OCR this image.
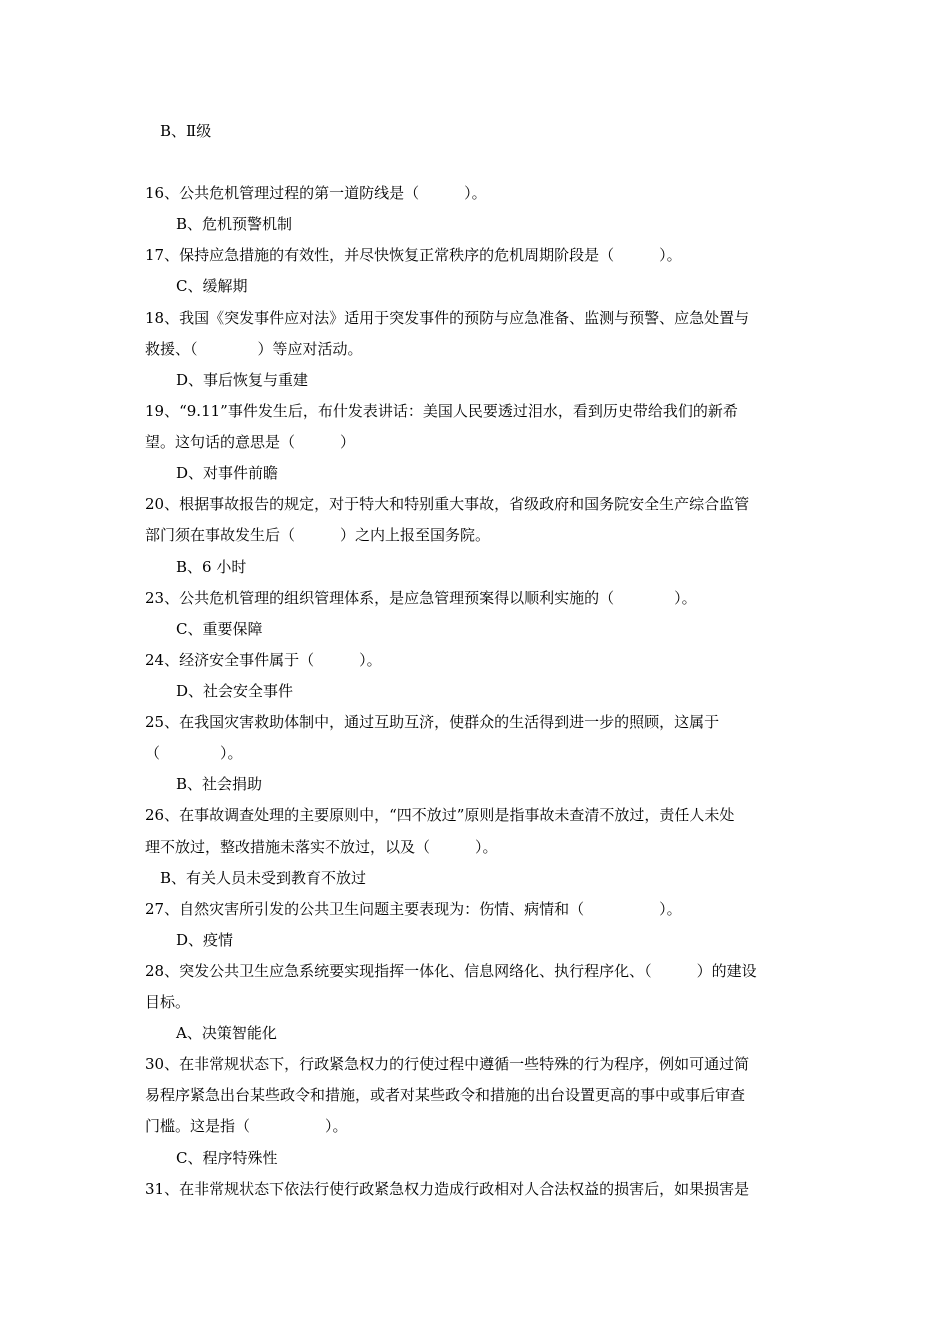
B、Ⅱ级
16、公共危机管理过程的第一道防线是（　　　）。
B、危机预警机制
17、保持应急措施的有效性，并尽快恢复正常秩序的危机周期阶段是（　　　）。
C、缓解期
18、我国《突发事件应对法》适用于突发事件的预防与应急准备、监测与预警、应急处置与
救援、（　　　　）等应对活动。
D、事后恢复与重建
19、“9.11”事件发生后，布什发表讲话：美国人民要透过泪水，看到历史带给我们的新希
望。这句话的意思是（　　　）
D、对事件前瞻
20、根据事故报告的规定，对于特大和特别重大事故，省级政府和国务院安全生产综合监管
部门须在事故发生后（　　　）之内上报至国务院。
B、6 小时
23、公共危机管理的组织管理体系，是应急管理预案得以顺利实施的（　　　　）。
C、重要保障
24、经济安全事件属于（　　　）。
D、社会安全事件
25、在我国灾害救助体制中，通过互助互济，使群众的生活得到进一步的照顾，这属于
（　　　　）。
B、社会捐助
26、在事故调查处理的主要原则中，“四不放过”原则是指事故未查清不放过，责任人未处
理不放过，整改措施未落实不放过，以及（　　　）。
B、有关人员未受到教育不放过
27、自然灾害所引发的公共卫生问题主要表现为：伤情、病情和（　　　　　）。
D、疫情
28、突发公共卫生应急系统要实现指挥一体化、信息网络化、执行程序化、（　　　）的建设
目标。
A、决策智能化
30、在非常规状态下，行政紧急权力的行使过程中遵循一些特殊的行为程序，例如可通过简
易程序紧急出台某些政令和措施，或者对某些政令和措施的出台设置更高的事中或事后审查
门槛。这是指（　　　　　）。
C、程序特殊性
31、在非常规状态下依法行使行政紧急权力造成行政相对人合法权益的损害后，如果损害是
